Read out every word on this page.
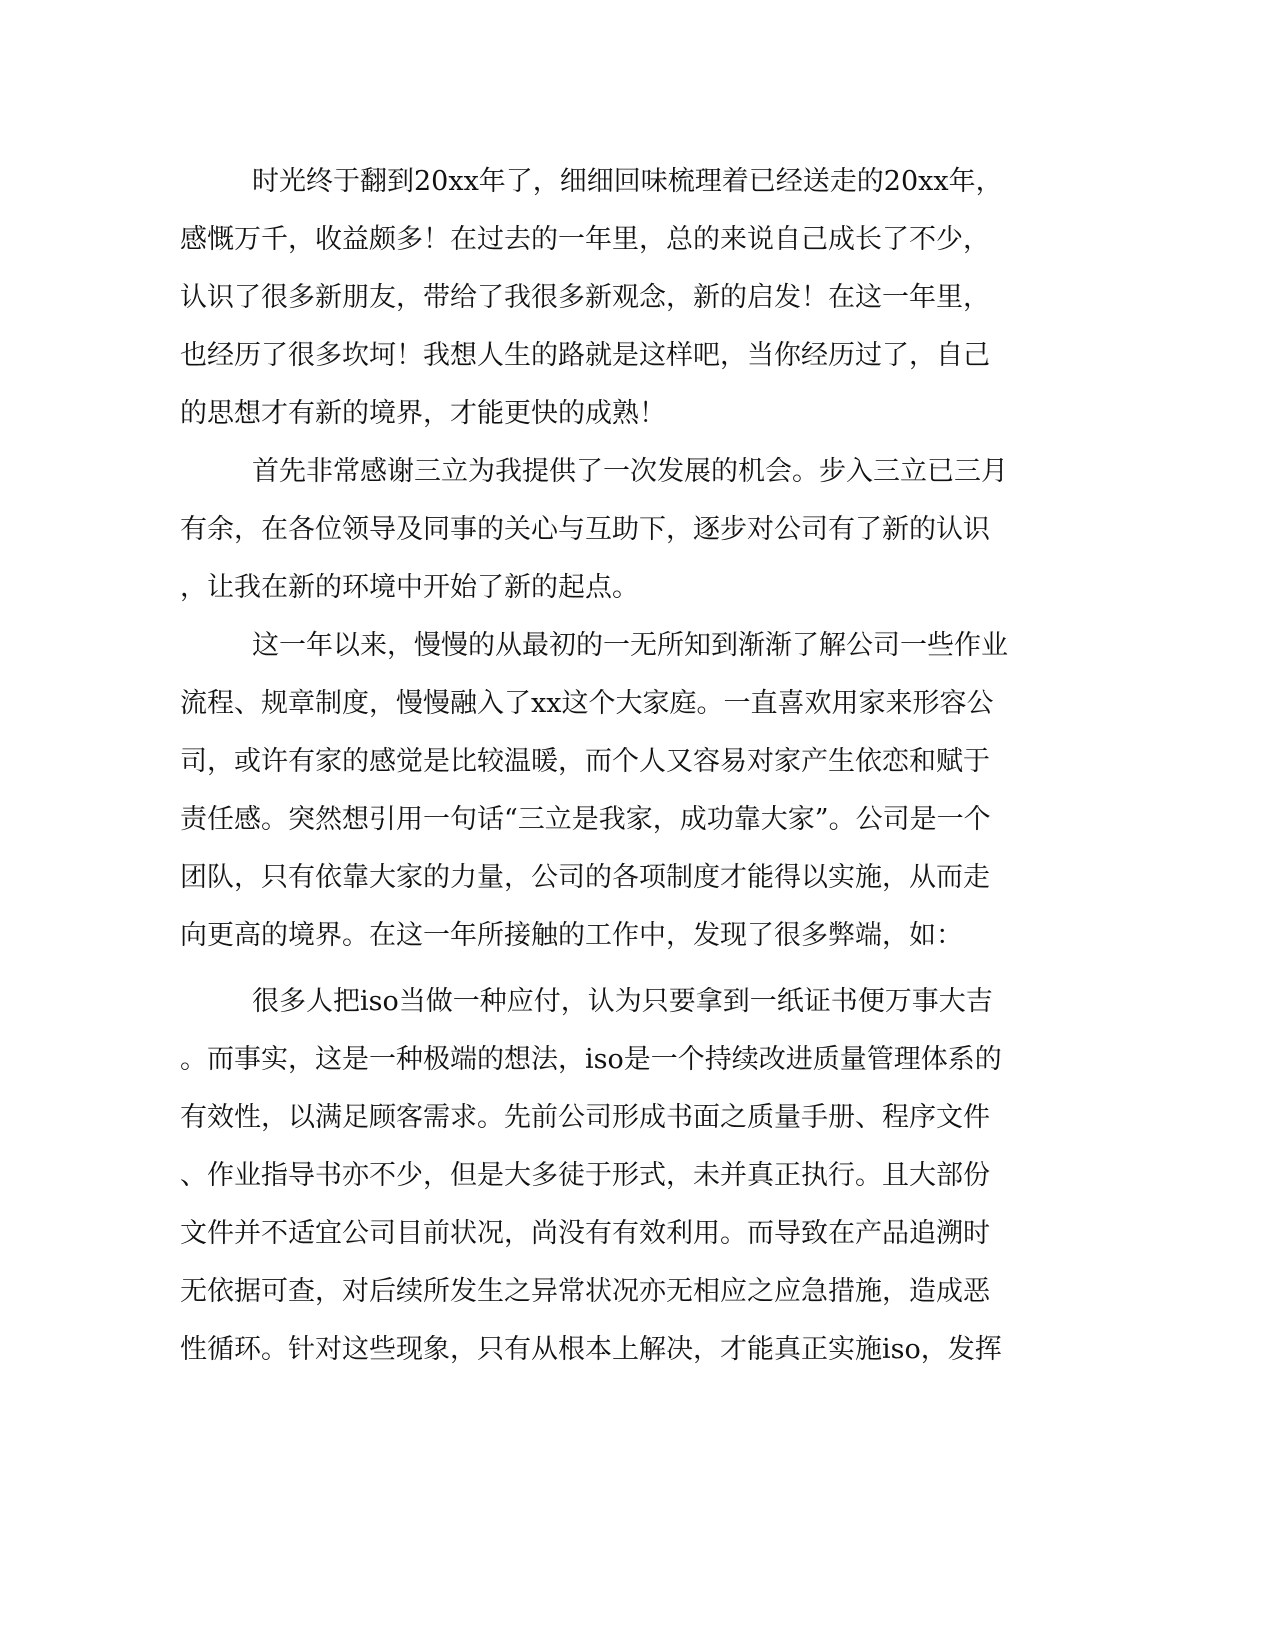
时光终于翻到20xx年了，细细回味梳理着已经送走的20xx年，

感慨万千，收益颇多！在过去的一年里，总的来说自己成长了不少，

认识了很多新朋友，带给了我很多新观念，新的启发！在这一年里，

也经历了很多坎坷！我想人生的路就是这样吧，当你经历过了，自己

的思想才有新的境界，才能更快的成熟！

首先非常感谢三立为我提供了一次发展的机会。步入三立已三月

有余，在各位领导及同事的关心与互助下，逐步对公司有了新的认识

，让我在新的环境中开始了新的起点。

这一年以来，慢慢的从最初的一无所知到渐渐了解公司一些作业

流程、规章制度，慢慢融入了xx这个大家庭。一直喜欢用家来形容公

司，或许有家的感觉是比较温暖，而个人又容易对家产生依恋和赋于

责任感。突然想引用一句话“三立是我家，成功靠大家”。公司是一个

团队，只有依靠大家的力量，公司的各项制度才能得以实施，从而走

向更高的境界。在这一年所接触的工作中，发现了很多弊端，如：

很多人把iso当做一种应付，认为只要拿到一纸证书便万事大吉

。而事实，这是一种极端的想法，iso是一个持续改进质量管理体系的

有效性，以满足顾客需求。先前公司形成书面之质量手册、程序文件

、作业指导书亦不少，但是大多徒于形式，未并真正执行。且大部份

文件并不适宜公司目前状况，尚没有有效利用。而导致在产品追溯时

无依据可查，对后续所发生之异常状况亦无相应之应急措施，造成恶

性循环。针对这些现象，只有从根本上解决，才能真正实施iso，发挥
